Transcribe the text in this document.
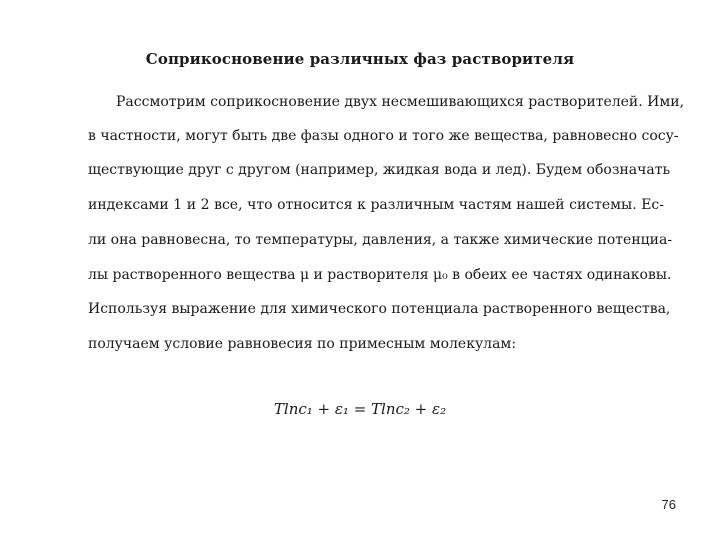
Соприкосновение различных фаз растворителя
Рассмотрим соприкосновение двух несмешивающихся растворителей. Ими,
в частности, могут быть две фазы одного и того же вещества, равновесно сосу-
ществующие друг с другом (например, жидкая вода и лед). Будем обозначать
индексами 1 и 2 все, что относится к различным частям нашей системы. Ес-
ли она равновесна, то температуры, давления, а также химические потенциа-
лы растворенного вещества μ и растворителя μ₀ в обеих ее частях одинаковы.
Используя выражение для химического потенциала растворенного вещества,
получаем условие равновесия по примесным молекулам:
Tlnc₁ + ε₁ = Tlnc₂ + ε₂
76
